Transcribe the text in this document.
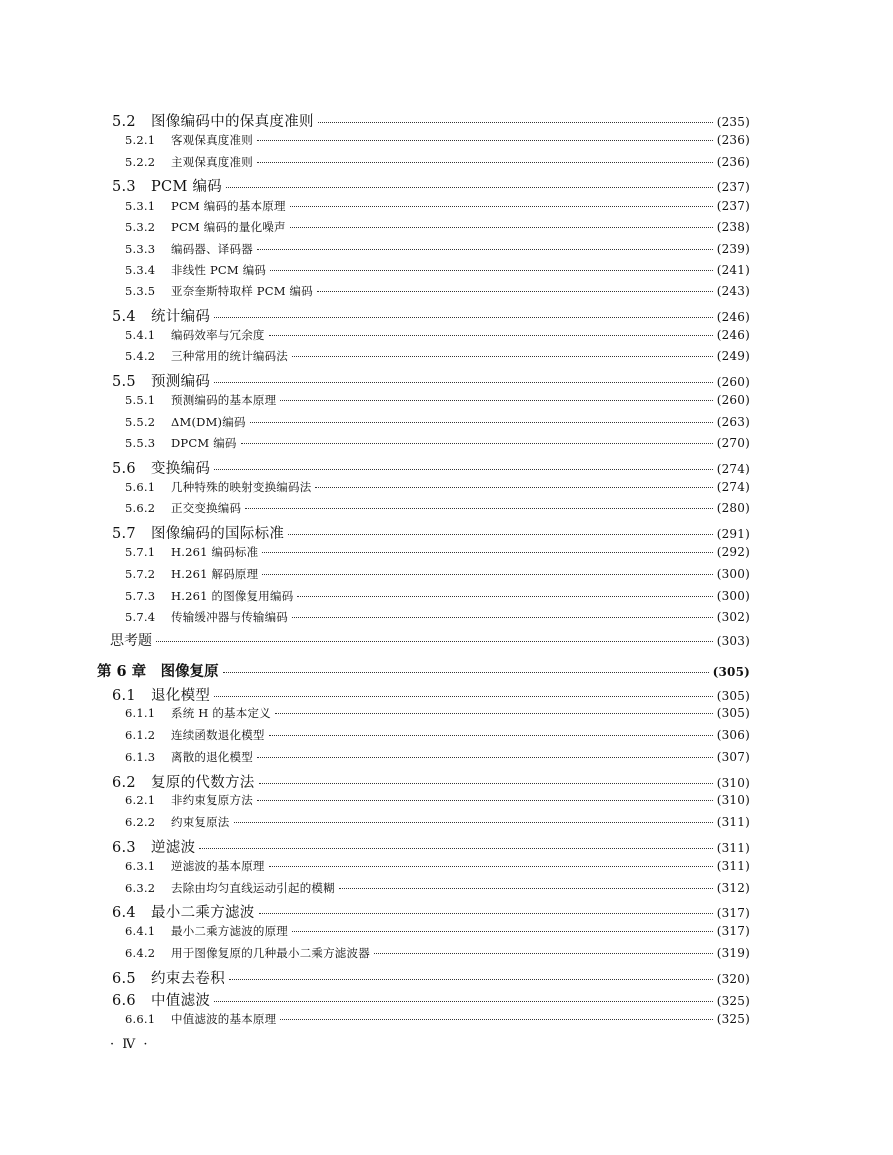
5.2	图像编码中的保真度准则	(235)
5.2.1	客观保真度准则	(236)
5.2.2	主观保真度准则	(236)
5.3	PCM 编码	(237)
5.3.1	PCM 编码的基本原理	(237)
5.3.2	PCM 编码的量化噪声	(238)
5.3.3	编码器、译码器	(239)
5.3.4	非线性 PCM 编码	(241)
5.3.5	亚奈奎斯特取样 PCM 编码	(243)
5.4	统计编码	(246)
5.4.1	编码效率与冗余度	(246)
5.4.2	三种常用的统计编码法	(249)
5.5	预测编码	(260)
5.5.1	预测编码的基本原理	(260)
5.5.2	ΔM(DM)编码	(263)
5.5.3	DPCM 编码	(270)
5.6	变换编码	(274)
5.6.1	几种特殊的映射变换编码法	(274)
5.6.2	正交变换编码	(280)
5.7	图像编码的国际标准	(291)
5.7.1	H.261 编码标准	(292)
5.7.2	H.261 解码原理	(300)
5.7.3	H.261 的图像复用编码	(300)
5.7.4	传输缓冲器与传输编码	(302)
思考题	(303)
第 6 章　图像复原	(305)
6.1	退化模型	(305)
6.1.1	系统 H 的基本定义	(305)
6.1.2	连续函数退化模型	(306)
6.1.3	离散的退化模型	(307)
6.2	复原的代数方法	(310)
6.2.1	非约束复原方法	(310)
6.2.2	约束复原法	(311)
6.3	逆滤波	(311)
6.3.1	逆滤波的基本原理	(311)
6.3.2	去除由均匀直线运动引起的模糊	(312)
6.4	最小二乘方滤波	(317)
6.4.1	最小二乘方滤波的原理	(317)
6.4.2	用于图像复原的几种最小二乘方滤波器	(319)
6.5	约束去卷积	(320)
6.6	中值滤波	(325)
6.6.1	中值滤波的基本原理	(325)
· Ⅳ ·
